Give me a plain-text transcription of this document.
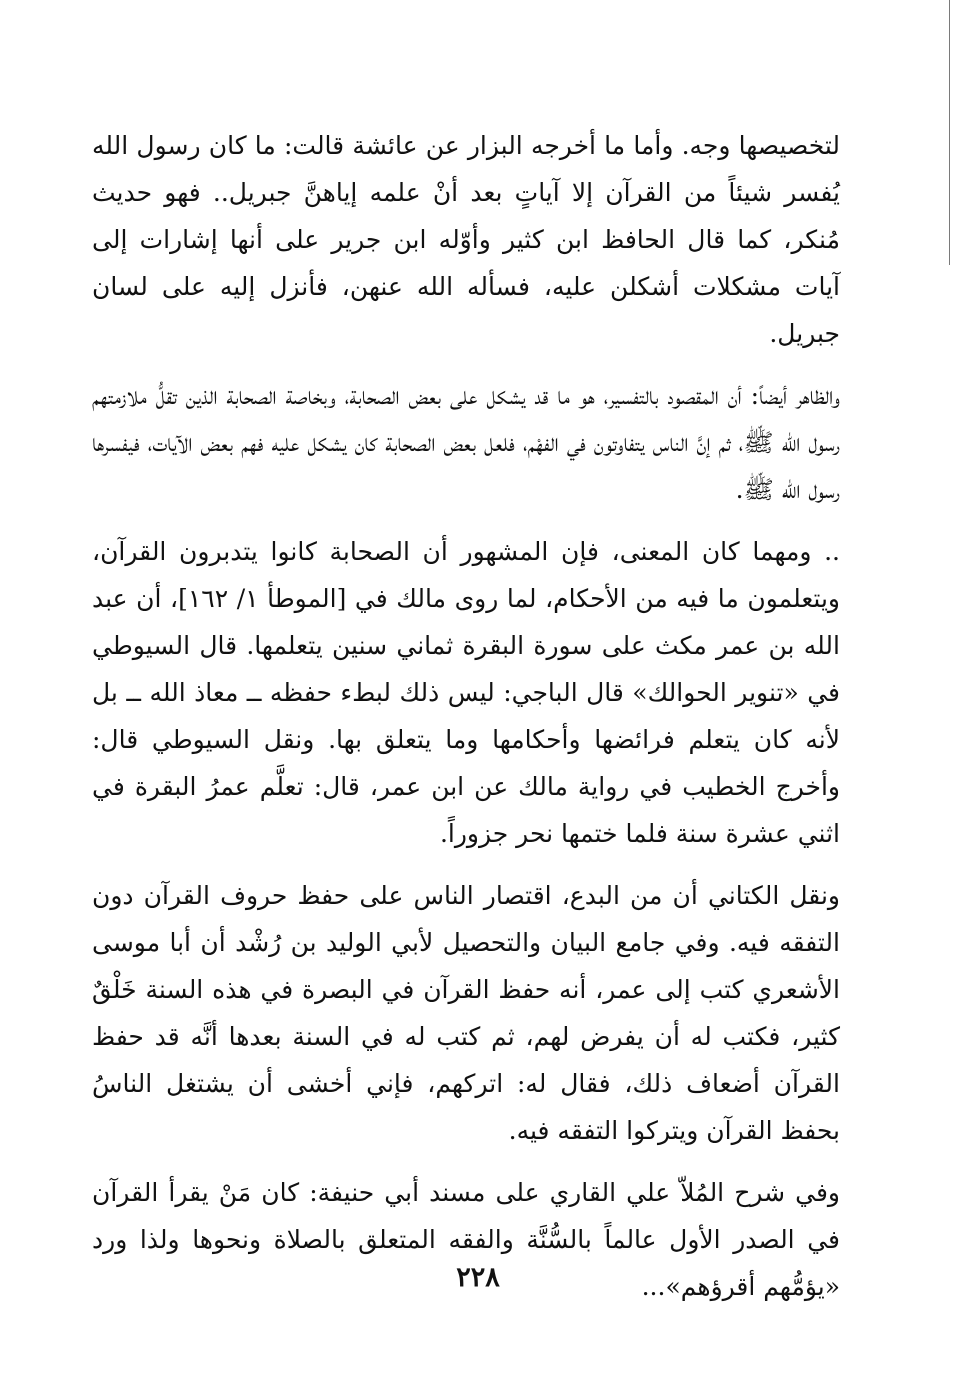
لتخصيصها وجه. وأما ما أخرجه البزار عن عائشة قالت: ما كان رسول الله يُفسر شيئاً من القرآن إلا آياتٍ بعد أنْ علمه إياهنَّ جبريل.. فهو حديث مُنكر، كما قال الحافظ ابن كثير وأوّله ابن جرير على أنها إشارات إلى آيات مشكلات أشكلن عليه، فسأله الله عنهن، فأنزل إليه على لسان جبريل.

والظاهر أيضاً: أن المقصود بالتفسير، هو ما قد يشكل على بعض الصحابة، وبخاصة الصحابة الذين تقلُّ ملازمتهم رسول الله ﷺ، ثم إنَّ الناس يتفاوتون في الفهْم، فلعل بعض الصحابة كان يشكل عليه فهم بعض الآيات، فيفسرها رسول الله ﷺ.

.. ومهما كان المعنى، فإن المشهور أن الصحابة كانوا يتدبرون القرآن، ويتعلمون ما فيه من الأحكام، لما روى مالك في [الموطأ ١/ ١٦٢]، أن عبد الله بن عمر مكث على سورة البقرة ثماني سنين يتعلمها. قال السيوطي في «تنوير الحوالك» قال الباجي: ليس ذلك لبطء حفظه ــ معاذ الله ــ بل لأنه كان يتعلم فرائضها وأحكامها وما يتعلق بها. ونقل السيوطي قال: وأخرج الخطيب في رواية مالك عن ابن عمر، قال: تعلَّم عمرُ البقرة في اثني عشرة سنة فلما ختمها نحر جزوراً.

ونقل الكتاني أن من البدع، اقتصار الناس على حفظ حروف القرآن دون التفقه فيه. وفي جامع البيان والتحصيل لأبي الوليد بن رُشْد أن أبا موسى الأشعري كتب إلى عمر، أنه حفظ القرآن في البصرة في هذه السنة خَلْقٌ كثير، فكتب له أن يفرض لهم، ثم كتب له في السنة بعدها أنَّه قد حفظ القرآن أضعاف ذلك، فقال له: اتركهم، فإني أخشى أن يشتغل الناسُ بحفظ القرآن ويتركوا التفقه فيه.

وفي شرح المُلاّ علي القاري على مسند أبي حنيفة: كان مَنْ يقرأ القرآن في الصدر الأول عالماً بالسُّنَّة والفقه المتعلق بالصلاة ونحوها ولذا ورد «يؤمُّهم أقرؤهم»...

٢٢٨
